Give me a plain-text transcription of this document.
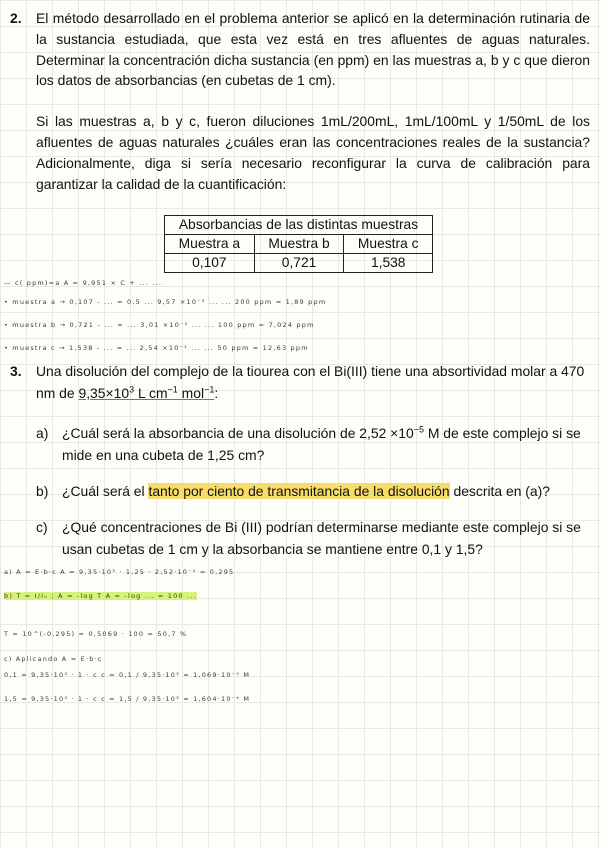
2. El método desarrollado en el problema anterior se aplicó en la determinación rutinaria de la sustancia estudiada, que esta vez está en tres afluentes de aguas naturales. Determinar la concentración dicha sustancia (en ppm) en las muestras a, b y c que dieron los datos de absorbancias (en cubetas de 1 cm).

Si las muestras a, b y c, fueron diluciones 1mL/200mL, 1mL/100mL y 1/50mL de los afluentes de aguas naturales ¿cuáles eran las concentraciones reales de la sustancia? Adicionalmente, diga si sería necesario reconfigurar la curva de calibración para garantizar la calidad de la cuantificación:

Absorbancias de las distintas muestras		
Muestra a	Muestra b	Muestra c
0,107	0,721	1,538
— c( ppm)=a A = 9,951 × C + ... ...
• muestra a → 0,107 - ... = 0,5 ... 9,57 ×10⁻³ ... ... 200 ppm ≈ 1,89 ppm
• muestra b → 0,721 - ... = ... 3,01 ×10⁻² ... ... 100 ppm = 7,024 ppm
• muestra c → 1,538 - ... = ... 2,54 ×10⁻¹ ... ... 50 ppm = 12,63 ppm
3. Una disolución del complejo de la tiourea con el Bi(III) tiene una absortividad molar a 470 nm de $9,35\times 10^3$ L $cm^{-1}$ mol$^{-1}$:

a) ¿Cuál será la absorbancia de una disolución de $2,52 \times 10^{-5}$ M de este complejo si se mide en una cubeta de 1,25 cm?

b) ¿Cuál será el tanto por ciento de transmitancia de la disolución descrita en (a)?

c) ¿Qué concentraciones de Bi (III) podrían determinarse mediante este complejo si se usan cubetas de 1 cm y la absorbancia se mantiene entre 0,1 y 1,5?

a) A = E·b·c A = 9,35·10³ · 1,25 · 2,52·10⁻⁵ = 0,295
b) T = I/I₀ ; A = -log T A = -log ... = 100 ...
T = 10^(-0,295) = 0,5069 · 100 = 50,7 %
c) Aplicando A = E·b·c
0,1 = 9,35·10³ · 1 · c c = 0,1 / 9,35·10³ = 1,069·10⁻⁵ M
1,5 = 9,35·10³ · 1 · c c = 1,5 / 9,35·10³ = 1,604·10⁻⁴ M
